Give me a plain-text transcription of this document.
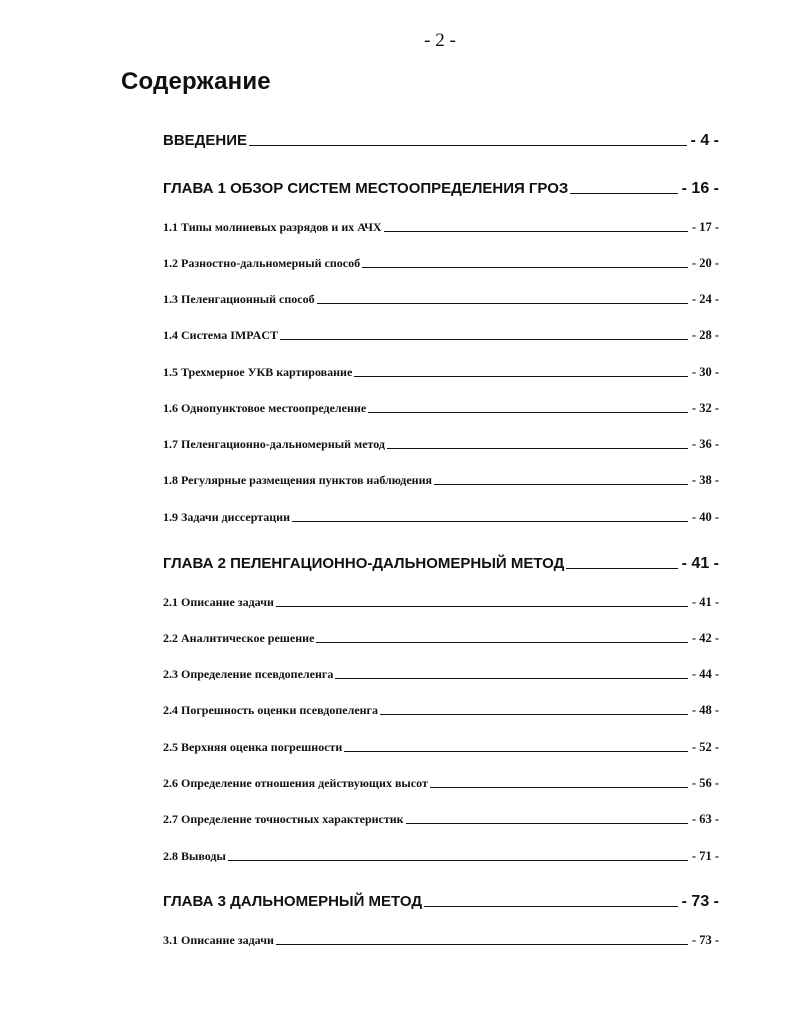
- 2 -
Содержание
ВВЕДЕНИЕ	- 4 -
ГЛАВА 1 ОБЗОР СИСТЕМ МЕСТООПРЕДЕЛЕНИЯ ГРОЗ	- 16 -
1.1 Типы молниевых разрядов и их АЧХ	- 17 -
1.2 Разностно-дальномерный способ	- 20 -
1.3 Пеленгационный способ	- 24 -
1.4 Система IMPACT	- 28 -
1.5 Трехмерное УКВ картирование	- 30 -
1.6 Однопунктовое местоопределение	- 32 -
1.7 Пеленгационно-дальномерный метод	- 36 -
1.8 Регулярные размещения пунктов наблюдения	- 38 -
1.9 Задачи диссертации	- 40 -
ГЛАВА 2 ПЕЛЕНГАЦИОННО-ДАЛЬНОМЕРНЫЙ МЕТОД	- 41 -
2.1 Описание задачи	- 41 -
2.2 Аналитическое решение	- 42 -
2.3 Определение псевдопеленга	- 44 -
2.4 Погрешность оценки псевдопеленга	- 48 -
2.5 Верхняя оценка погрешности	- 52 -
2.6 Определение отношения действующих высот	- 56 -
2.7 Определение точностных характеристик	- 63 -
2.8 Выводы	- 71 -
ГЛАВА 3 ДАЛЬНОМЕРНЫЙ МЕТОД	- 73 -
3.1 Описание задачи	- 73 -
